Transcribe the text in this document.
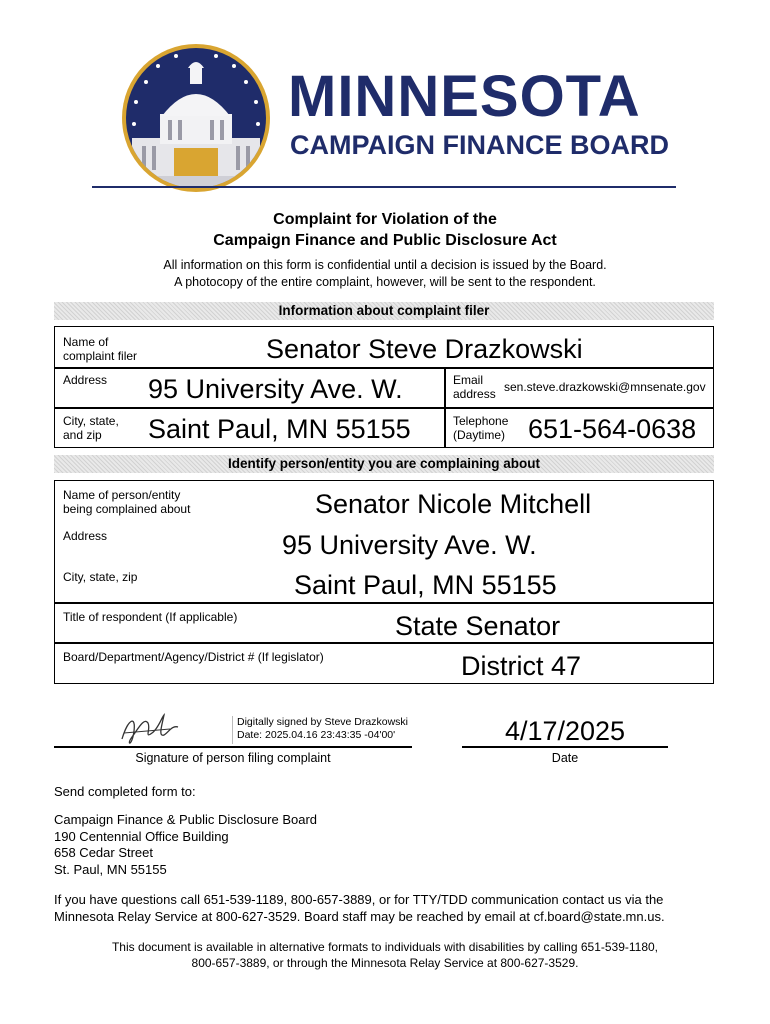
MINNESOTA
CAMPAIGN FINANCE BOARD
Complaint for Violation of the
Campaign Finance and Public Disclosure Act
All information on this form is confidential until a decision is issued by the Board.
A photocopy of the entire complaint, however, will be sent to the respondent.
Information about complaint filer
Name of
complaint filer	Senator Steve Drazkowski
Address 95 University Ave. W.	Email
address sen.steve.drazkowski@mnsenate.gov
City, state,
and zip	Saint Paul, MN 55155	Telephone
(Daytime) 651-564-0638
Identify person/entity you are complaining about
Name of person/entity
being complained about	Senator Nicole Mitchell
Address	95 University Ave. W.
City, state, zip	Saint Paul, MN 55155
Title of respondent (If applicable)	State Senator
Board/Department/Agency/District # (If legislator)	District 47
Digitally signed by Steve Drazkowski
Date: 2025.04.16 23:43:35 -04'00'
Signature of person filing complaint
4/17/2025
Date
Send completed form to:
Campaign Finance & Public Disclosure Board
190 Centennial Office Building
658 Cedar Street
St. Paul, MN 55155
If you have questions call 651-539-1189, 800-657-3889, or for TTY/TDD communication contact us via the
Minnesota Relay Service at 800-627-3529. Board staff may be reached by email at cf.board@state.mn.us.
This document is available in alternative formats to individuals with disabilities by calling 651-539-1180,
800-657-3889, or through the Minnesota Relay Service at 800-627-3529.
